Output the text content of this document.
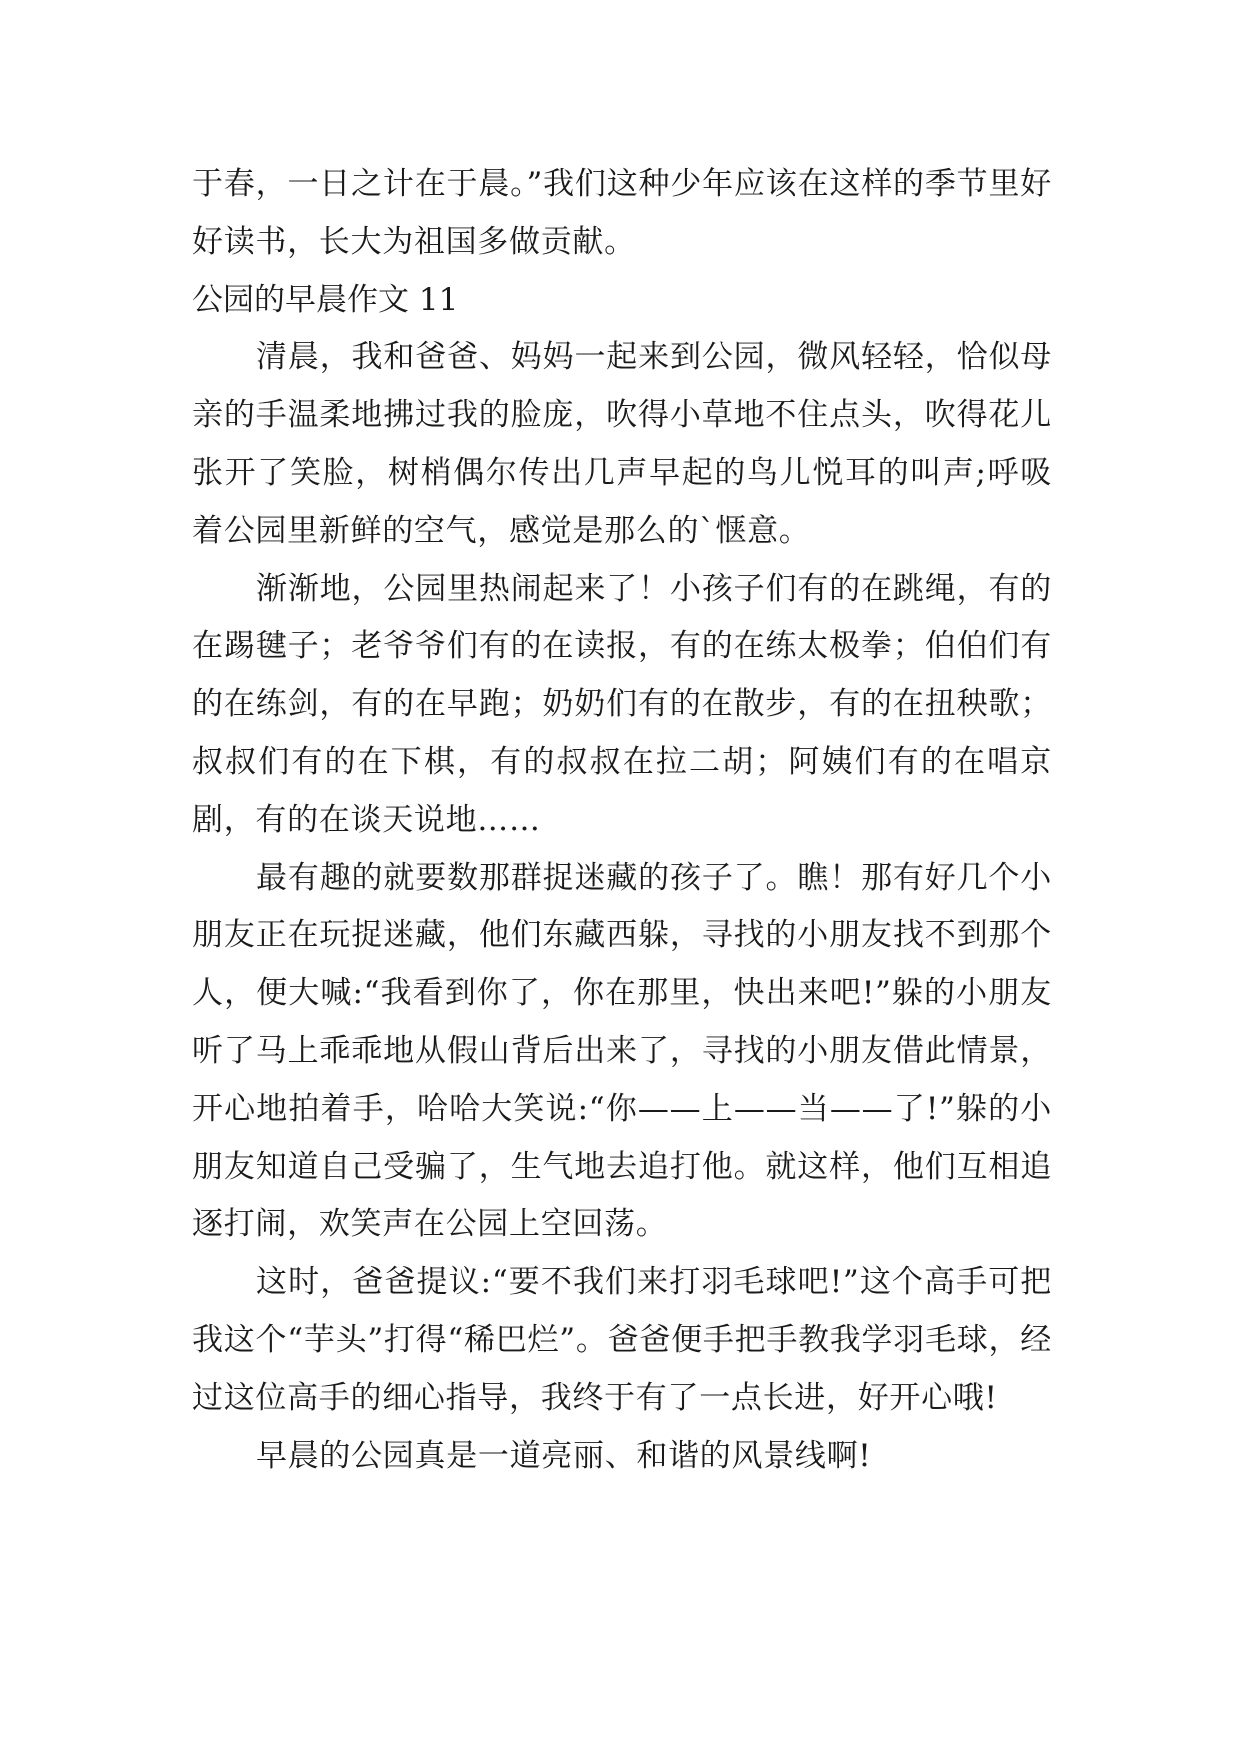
于春，一日之计在于晨。”我们这种少年应该在这样的季节里好好读书，长大为祖国多做贡献。

公园的早晨作文 11

清晨，我和爸爸、妈妈一起来到公园，微风轻轻，恰似母亲的手温柔地拂过我的脸庞，吹得小草地不住点头，吹得花儿张开了笑脸，树梢偶尔传出几声早起的鸟儿悦耳的叫声;呼吸着公园里新鲜的空气，感觉是那么的`惬意。

渐渐地，公园里热闹起来了！小孩子们有的在跳绳，有的在踢毽子；老爷爷们有的在读报，有的在练太极拳；伯伯们有的在练剑，有的在早跑；奶奶们有的在散步，有的在扭秧歌；叔叔们有的在下棋，有的叔叔在拉二胡；阿姨们有的在唱京剧，有的在谈天说地……

最有趣的就要数那群捉迷藏的孩子了。瞧！那有好几个小朋友正在玩捉迷藏，他们东藏西躲，寻找的小朋友找不到那个人，便大喊:“我看到你了，你在那里，快出来吧!”躲的小朋友听了马上乖乖地从假山背后出来了，寻找的小朋友借此情景，开心地拍着手，哈哈大笑说:“你——上——当——了!”躲的小朋友知道自己受骗了，生气地去追打他。就这样，他们互相追逐打闹，欢笑声在公园上空回荡。

这时，爸爸提议:“要不我们来打羽毛球吧!”这个高手可把我这个“芋头”打得“稀巴烂”。爸爸便手把手教我学羽毛球，经过这位高手的细心指导，我终于有了一点长进，好开心哦!

早晨的公园真是一道亮丽、和谐的风景线啊!
